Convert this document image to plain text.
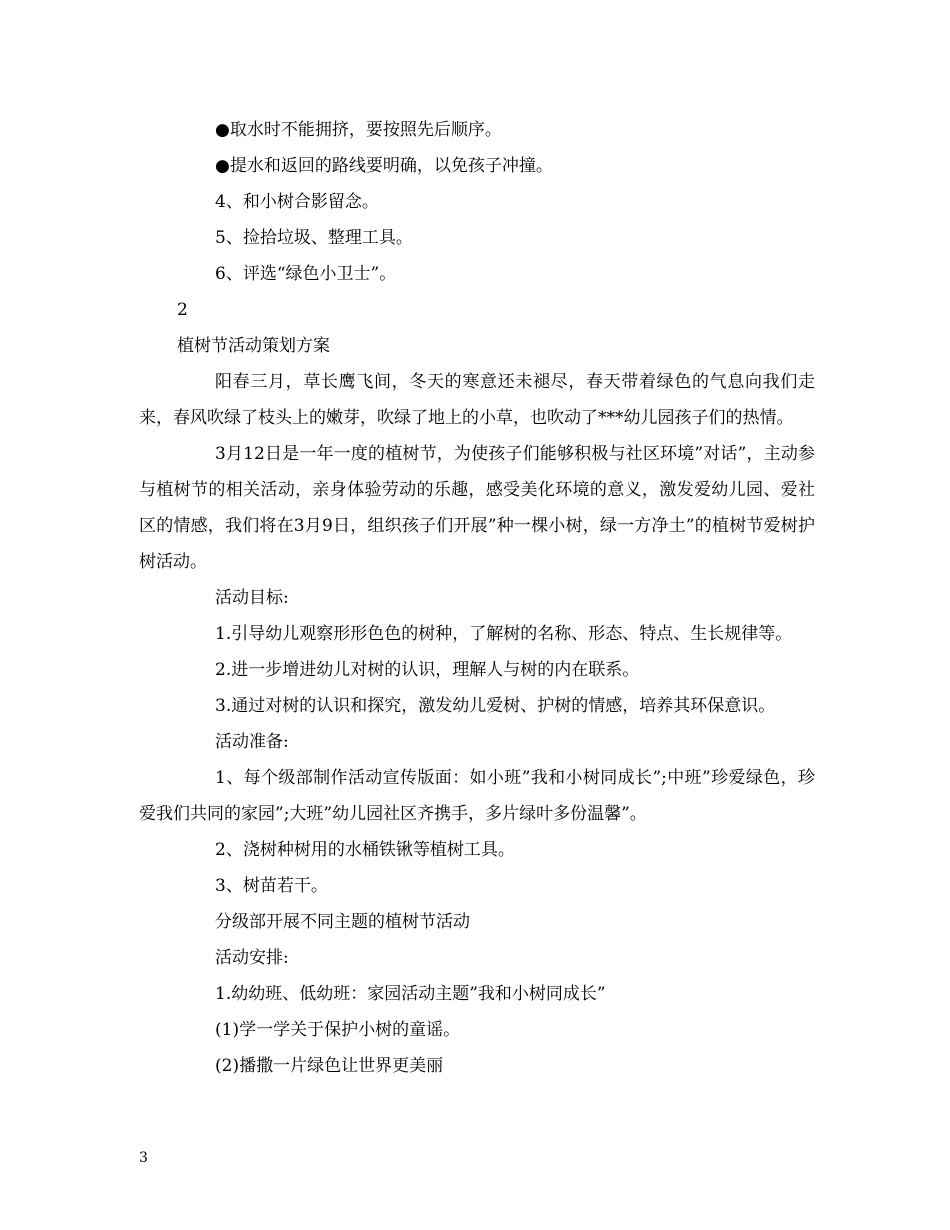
●取水时不能拥挤，要按照先后顺序。

●提水和返回的路线要明确，以免孩子冲撞。

4、和小树合影留念。

5、捡拾垃圾、整理工具。

6、评选“绿色小卫士”。

2

植树节活动策划方案

阳春三月，草长鹰飞间，冬天的寒意还未褪尽，春天带着绿色的气息向我们走来，春风吹绿了枝头上的嫩芽，吹绿了地上的小草，也吹动了***幼儿园孩子们的热情。

3月12日是一年一度的植树节，为使孩子们能够积极与社区环境”对话”，主动参与植树节的相关活动，亲身体验劳动的乐趣，感受美化环境的意义，激发爱幼儿园、爱社区的情感，我们将在3月9日，组织孩子们开展”种一棵小树，绿一方净土”的植树节爱树护树活动。

活动目标:

1.引导幼儿观察形形色色的树种，了解树的名称、形态、特点、生长规律等。

2.进一步增进幼儿对树的认识，理解人与树的内在联系。

3.通过对树的认识和探究，激发幼儿爱树、护树的情感，培养其环保意识。

活动准备:

1、每个级部制作活动宣传版面：如小班”我和小树同成长”;中班”珍爱绿色，珍爱我们共同的家园”;大班”幼儿园社区齐携手，多片绿叶多份温馨”。

2、浇树种树用的水桶铁锹等植树工具。

3、树苗若干。

分级部开展不同主题的植树节活动

活动安排:

1.幼幼班、低幼班：家园活动主题”我和小树同成长”

(1)学一学关于保护小树的童谣。

(2)播撒一片绿色让世界更美丽

3
